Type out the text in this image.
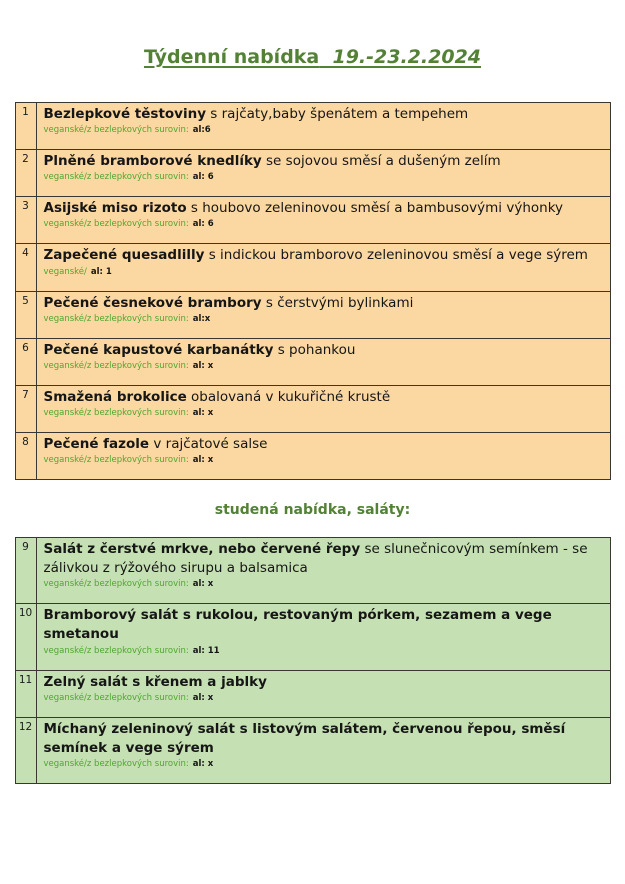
Týdenní nabídka 19.-23.2.2024
1	Bezlepkové těstoviny s rajčaty,baby špenátem a tempehem
veganské/z bezlepkových surovin: al:6

2	Plněné bramborové knedlíky se sojovou směsí a dušeným zelím
veganské/z bezlepkových surovin: al: 6

3	Asijské miso rizoto s houbovo zeleninovou směsí a bambusovými výhonky
veganské/z bezlepkových surovin: al: 6

4	Zapečené quesadlilly s indickou bramborovo zeleninovou směsí a vege sýrem
veganské/ al: 1

5	Pečené česnekové brambory s čerstvými bylinkami
veganské/z bezlepkových surovin: al:x

6	Pečené kapustové karbanátky s pohankou
veganské/z bezlepkových surovin: al: x

7	Smažená brokolice obalovaná v kukuřičné krustě
veganské/z bezlepkových surovin: al: x

8	Pečené fazole v rajčatové salse
veganské/z bezlepkových surovin: al: x
studená nabídka, saláty:
9	Salát z čerstvé mrkve, nebo červené řepy se slunečnicovým semínkem - se zálivkou z rýžového sirupu a balsamica
veganské/z bezlepkových surovin: al: x

10	Bramborový salát s rukolou, restovaným pórkem, sezamem a vege smetanou
veganské/z bezlepkových surovin: al: 11

11	Zelný salát s křenem a jablky
veganské/z bezlepkových surovin: al: x

12	Míchaný zeleninový salát s listovým salátem, červenou řepou, směsí semínek a vege sýrem
veganské/z bezlepkových surovin: al: x
